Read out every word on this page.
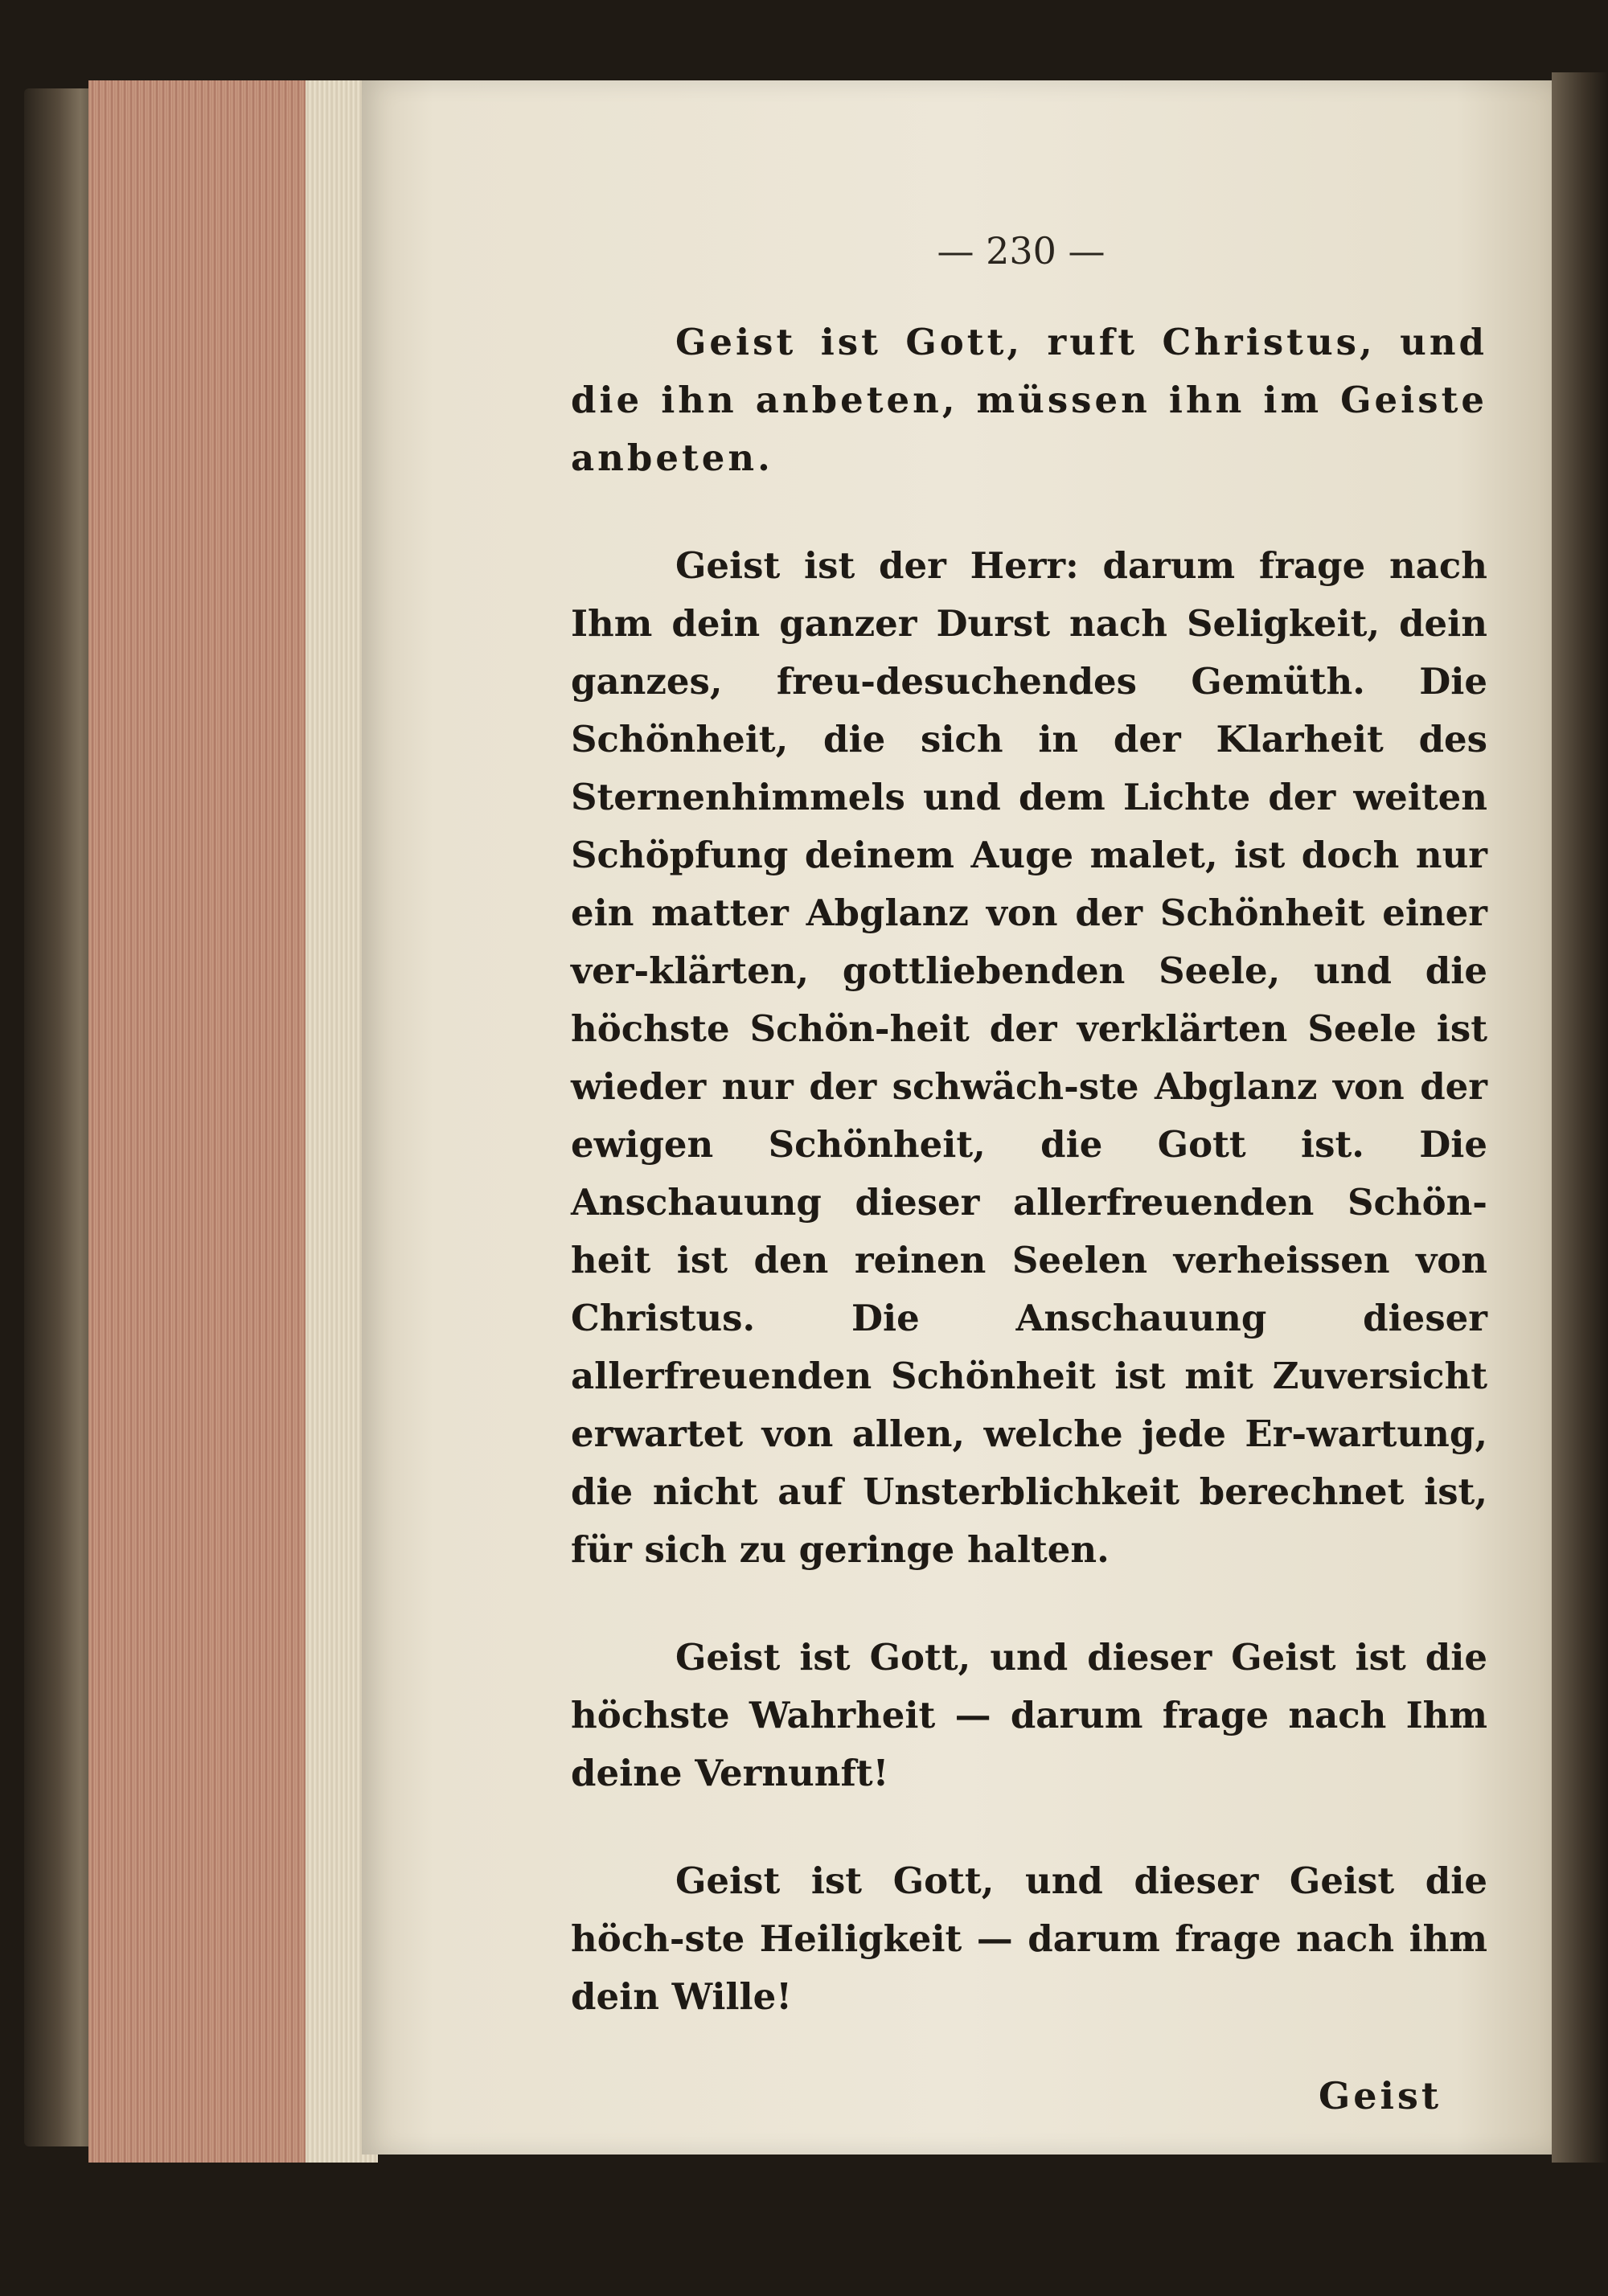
— 230 —

Geist ist Gott, ruft Christus, und die ihn anbeten, müssen ihn im Geiste anbeten.

Geist ist der Herr: darum frage nach Ihm dein ganzer Durst nach Seligkeit, dein ganzes, freu-desuchendes Gemüth. Die Schönheit, die sich in der Klarheit des Sternenhimmels und dem Lichte der weiten Schöpfung deinem Auge malet, ist doch nur ein matter Abglanz von der Schönheit einer ver-klärten, gottliebenden Seele, und die höchste Schön-heit der verklärten Seele ist wieder nur der schwäch-ste Abglanz von der ewigen Schönheit, die Gott ist. Die Anschauung dieser allerfreuenden Schön-heit ist den reinen Seelen verheissen von Christus. Die Anschauung dieser allerfreuenden Schönheit ist mit Zuversicht erwartet von allen, welche jede Er-wartung, die nicht auf Unsterblichkeit berechnet ist, für sich zu geringe halten.

Geist ist Gott, und dieser Geist ist die höchste Wahrheit — darum frage nach Ihm deine Vernunft!

Geist ist Gott, und dieser Geist die höch-ste Heiligkeit — darum frage nach ihm dein Wille!

Geist
